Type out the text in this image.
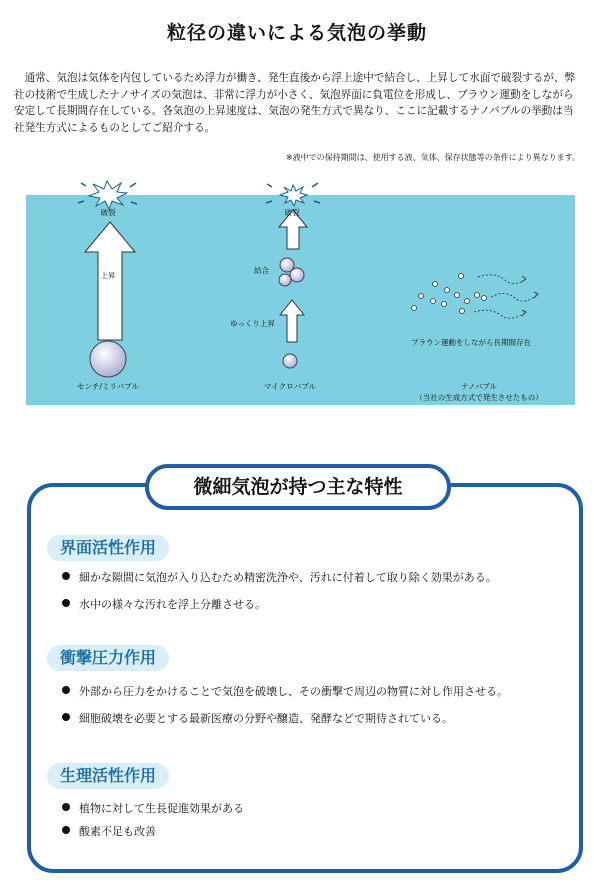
粒径の違いによる気泡の挙動

通常、気泡は気体を内包しているため浮力が働き、発生直後から浮上途中で結合し、上昇して水面で破裂するが、弊社の技術で生成したナノサイズの気泡は、非常に浮力が小さく、気泡界面に負電位を形成し、ブラウン運動をしながら安定して長期間存在している。各気泡の上昇速度は、気泡の発生方式で異なり、ここに記載するナノバブルの挙動は当社発生方式によるものとしてご紹介する。

※液中での保持期間は、使用する液、気体、保存状態等の条件により異なります。
破裂
上昇
センチ/ミリバブル
破裂
結合
ゆっくり上昇
マイクロバブル
ブラウン運動をしながら長期間存在
ナノバブル
（当社の生成方式で発生させたもの）
微細気泡が持つ主な特性
界面活性作用
細かな隙間に気泡が入り込むため精密洗浄や、汚れに付着して取り除く効果がある。
水中の様々な汚れを浮上分離させる。
衝撃圧力作用
外部から圧力をかけることで気泡を破壊し、その衝撃で周辺の物質に対し作用させる。
細胞破壊を必要とする最新医療の分野や醸造、発酵などで期待されている。
生理活性作用
植物に対して生長促進効果がある
酸素不足も改善
